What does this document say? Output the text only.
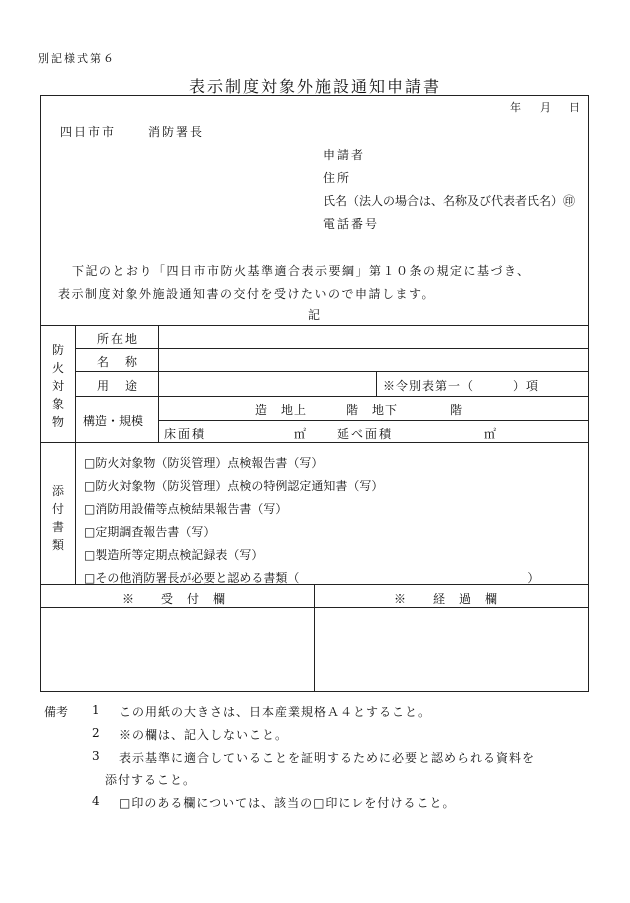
別記様式第６
表示制度対象外施設通知申請書
年 月 日
四日市市	消防署長
申請者
住所
氏名（法人の場合は、名称及び代表者氏名）㊞
電話番号
下記のとおり「四日市市防火基準適合表示要綱」第１０条の規定に基づき、
表示制度対象外施設通知書の交付を受けたいので申請します。
記
防火対象物
所在地
名　称
用　途	※令別表第一（　　　）項
構造・規模
造　地上　　　階　地下　　　　階
床面積	㎡	延べ面積	㎡
添付書類
□防火対象物（防災管理）点検報告書（写）
□防火対象物（防災管理）点検の特例認定通知書（写）
□消防用設備等点検結果報告書（写）
□定期調査報告書（写）
□製造所等定期点検記録表（写）
□その他消防署長が必要と認める書類（　　　　　　　　　　　　　　　　　　　）
※　　受　付　欄	※　　経　過　欄
備考 1 この用紙の大きさは、日本産業規格Ａ４とすること。
2 ※の欄は、記入しないこと。
3 表示基準に適合していることを証明するために必要と認められる資料を
添付すること。
4 □印のある欄については、該当の□印にレを付けること。
